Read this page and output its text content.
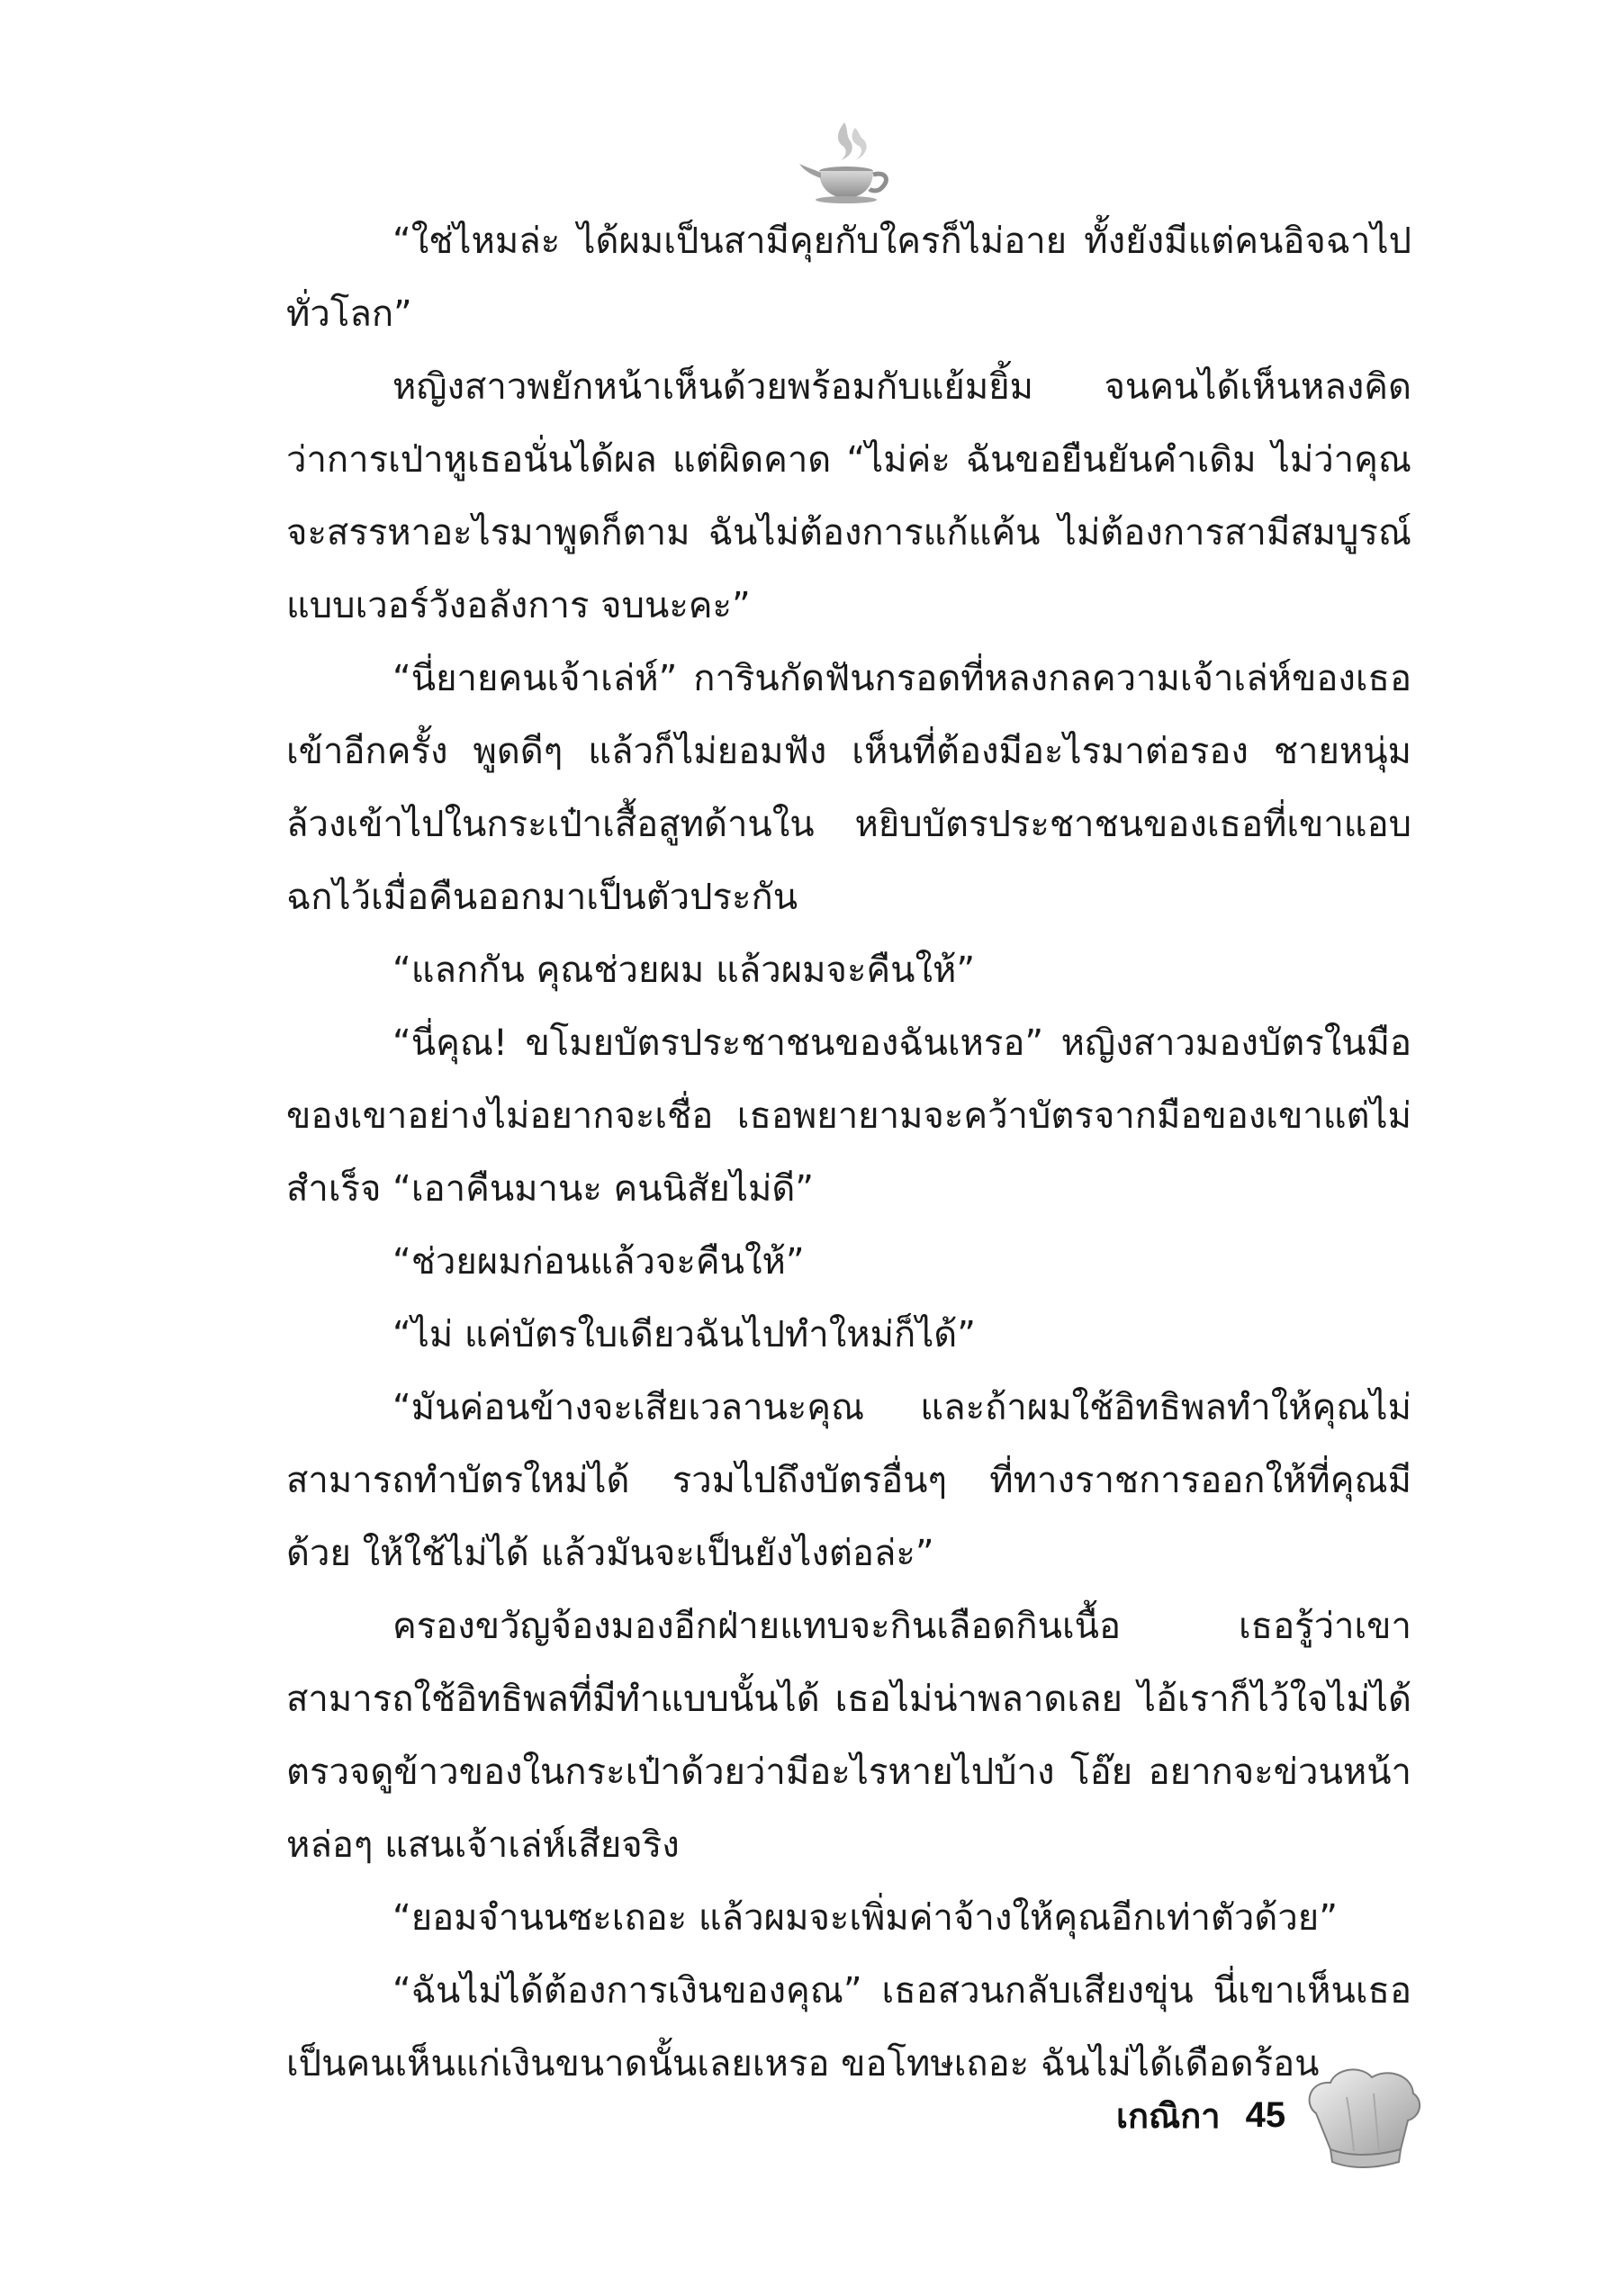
“ใช่ไหมล่ะ ได้ผมเป็นสามีคุยกับใครก็ไม่อาย ทั้งยังมีแต่คนอิจฉาไปทั่วโลก”

หญิงสาวพยักหน้าเห็นด้วยพร้อมกับแย้มยิ้ม จนคนได้เห็นหลงคิดว่าการเป่าหูเธอนั่นได้ผล แต่ผิดคาด “ไม่ค่ะ ฉันขอยืนยันคำเดิม ไม่ว่าคุณจะสรรหาอะไรมาพูดก็ตาม ฉันไม่ต้องการแก้แค้น ไม่ต้องการสามีสมบูรณ์แบบเวอร์วังอลังการ จบนะคะ”

“นี่ยายคนเจ้าเล่ห์” การินกัดฟันกรอดที่หลงกลความเจ้าเล่ห์ของเธอเข้าอีกครั้ง พูดดีๆ แล้วก็ไม่ยอมฟัง เห็นที่ต้องมีอะไรมาต่อรอง ชายหนุ่มล้วงเข้าไปในกระเป๋าเสื้อสูทด้านใน หยิบบัตรประชาชนของเธอที่เขาแอบฉกไว้เมื่อคืนออกมาเป็นตัวประกัน

“แลกกัน คุณช่วยผม แล้วผมจะคืนให้”

“นี่คุณ! ขโมยบัตรประชาชนของฉันเหรอ” หญิงสาวมองบัตรในมือของเขาอย่างไม่อยากจะเชื่อ เธอพยายามจะคว้าบัตรจากมือของเขาแต่ไม่สำเร็จ “เอาคืนมานะ คนนิสัยไม่ดี”

“ช่วยผมก่อนแล้วจะคืนให้”

“ไม่ แค่บัตรใบเดียวฉันไปทำใหม่ก็ได้”

“มันค่อนข้างจะเสียเวลานะคุณ และถ้าผมใช้อิทธิพลทำให้คุณไม่สามารถทำบัตรใหม่ได้ รวมไปถึงบัตรอื่นๆ ที่ทางราชการออกให้ที่คุณมีด้วย ให้ใช้ไม่ได้ แล้วมันจะเป็นยังไงต่อล่ะ”

ครองขวัญจ้องมองอีกฝ่ายแทบจะกินเลือดกินเนื้อ เธอรู้ว่าเขาสามารถใช้อิทธิพลที่มีทำแบบนั้นได้ เธอไม่น่าพลาดเลย ไอ้เราก็ไว้ใจไม่ได้ ตรวจดูข้าวของในกระเป๋าด้วยว่ามีอะไรหายไปบ้าง โอ๊ย อยากจะข่วนหน้าหล่อๆ แสนเจ้าเล่ห์เสียจริง

“ยอมจำนนซะเถอะ แล้วผมจะเพิ่มค่าจ้างให้คุณอีกเท่าตัวด้วย”

“ฉันไม่ได้ต้องการเงินของคุณ” เธอสวนกลับเสียงขุ่น นี่เขาเห็นเธอเป็นคนเห็นแก่เงินขนาดนั้นเลยเหรอ ขอโทษเถอะ ฉันไม่ได้เดือดร้อน

เกณิกา 45
